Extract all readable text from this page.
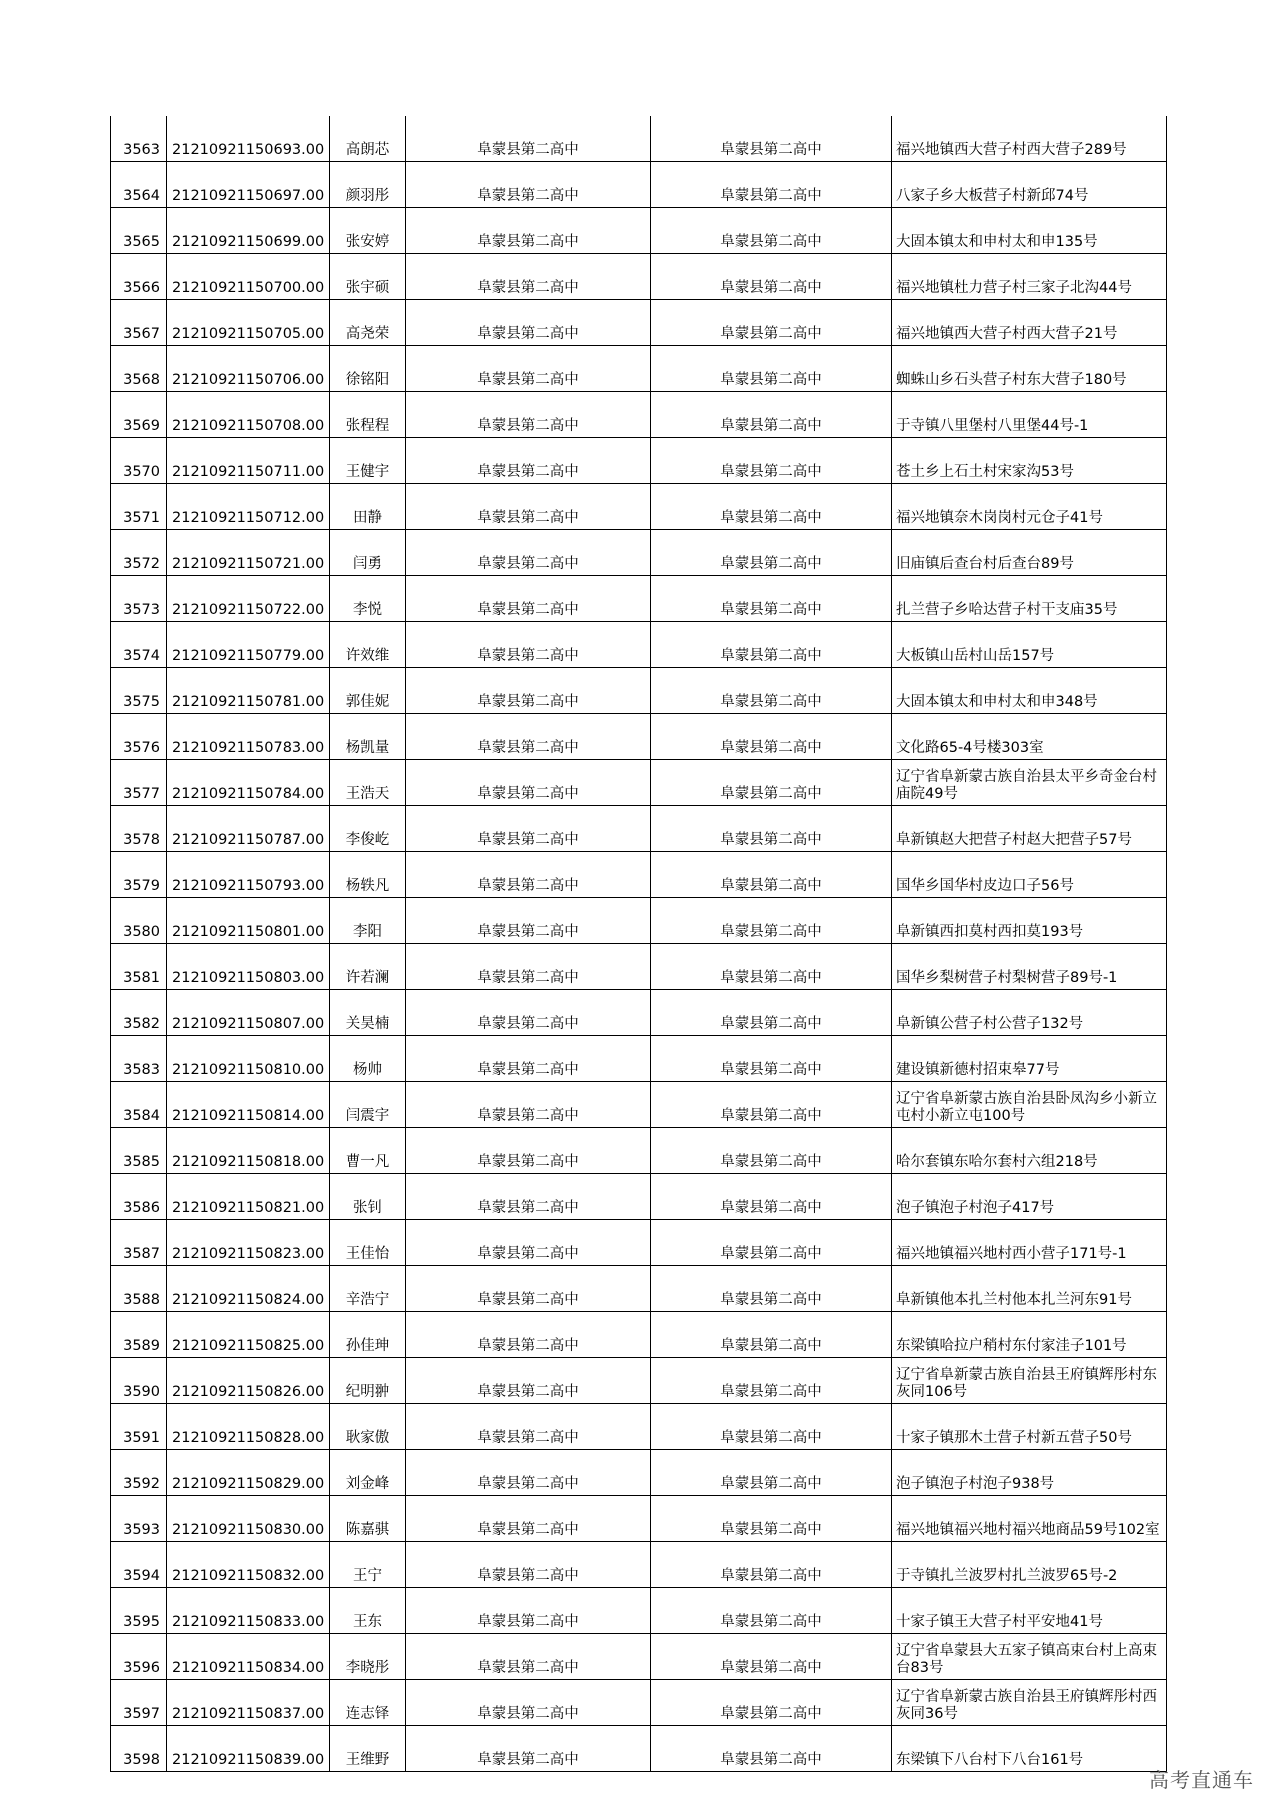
3563	21210921150693.00	高朗芯	阜蒙县第二高中	阜蒙县第二高中	福兴地镇西大营子村西大营子289号
3564	21210921150697.00	颜羽彤	阜蒙县第二高中	阜蒙县第二高中	八家子乡大板营子村新邱74号
3565	21210921150699.00	张安婷	阜蒙县第二高中	阜蒙县第二高中	大固本镇太和申村太和申135号
3566	21210921150700.00	张宇硕	阜蒙县第二高中	阜蒙县第二高中	福兴地镇杜力营子村三家子北沟44号
3567	21210921150705.00	高尧荣	阜蒙县第二高中	阜蒙县第二高中	福兴地镇西大营子村西大营子21号
3568	21210921150706.00	徐铭阳	阜蒙县第二高中	阜蒙县第二高中	蜘蛛山乡石头营子村东大营子180号
3569	21210921150708.00	张程程	阜蒙县第二高中	阜蒙县第二高中	于寺镇八里堡村八里堡44号-1
3570	21210921150711.00	王健宇	阜蒙县第二高中	阜蒙县第二高中	苍土乡上石土村宋家沟53号
3571	21210921150712.00	田静	阜蒙县第二高中	阜蒙县第二高中	福兴地镇奈木岗岗村元仓子41号
3572	21210921150721.00	闫勇	阜蒙县第二高中	阜蒙县第二高中	旧庙镇后查台村后查台89号
3573	21210921150722.00	李悦	阜蒙县第二高中	阜蒙县第二高中	扎兰营子乡哈达营子村干支庙35号
3574	21210921150779.00	许效维	阜蒙县第二高中	阜蒙县第二高中	大板镇山岳村山岳157号
3575	21210921150781.00	郭佳妮	阜蒙县第二高中	阜蒙县第二高中	大固本镇太和申村太和申348号
3576	21210921150783.00	杨凯量	阜蒙县第二高中	阜蒙县第二高中	文化路65-4号楼303室
3577	21210921150784.00	王浩天	阜蒙县第二高中	阜蒙县第二高中	辽宁省阜新蒙古族自治县太平乡奇金台村庙院49号
3578	21210921150787.00	李俊屹	阜蒙县第二高中	阜蒙县第二高中	阜新镇赵大把营子村赵大把营子57号
3579	21210921150793.00	杨轶凡	阜蒙县第二高中	阜蒙县第二高中	国华乡国华村皮边口子56号
3580	21210921150801.00	李阳	阜蒙县第二高中	阜蒙县第二高中	阜新镇西扣莫村西扣莫193号
3581	21210921150803.00	许若澜	阜蒙县第二高中	阜蒙县第二高中	国华乡梨树营子村梨树营子89号-1
3582	21210921150807.00	关昊楠	阜蒙县第二高中	阜蒙县第二高中	阜新镇公营子村公营子132号
3583	21210921150810.00	杨帅	阜蒙县第二高中	阜蒙县第二高中	建设镇新德村招束皋77号
3584	21210921150814.00	闫震宇	阜蒙县第二高中	阜蒙县第二高中	辽宁省阜新蒙古族自治县卧凤沟乡小新立屯村小新立屯100号
3585	21210921150818.00	曹一凡	阜蒙县第二高中	阜蒙县第二高中	哈尔套镇东哈尔套村六组218号
3586	21210921150821.00	张钊	阜蒙县第二高中	阜蒙县第二高中	泡子镇泡子村泡子417号
3587	21210921150823.00	王佳怡	阜蒙县第二高中	阜蒙县第二高中	福兴地镇福兴地村西小营子171号-1
3588	21210921150824.00	辛浩宁	阜蒙县第二高中	阜蒙县第二高中	阜新镇他本扎兰村他本扎兰河东91号
3589	21210921150825.00	孙佳珅	阜蒙县第二高中	阜蒙县第二高中	东梁镇哈拉户稍村东付家洼子101号
3590	21210921150826.00	纪明翀	阜蒙县第二高中	阜蒙县第二高中	辽宁省阜新蒙古族自治县王府镇辉彤村东灰同106号
3591	21210921150828.00	耿家傲	阜蒙县第二高中	阜蒙县第二高中	十家子镇那木土营子村新五营子50号
3592	21210921150829.00	刘金峰	阜蒙县第二高中	阜蒙县第二高中	泡子镇泡子村泡子938号
3593	21210921150830.00	陈嘉骐	阜蒙县第二高中	阜蒙县第二高中	福兴地镇福兴地村福兴地商品59号102室
3594	21210921150832.00	王宁	阜蒙县第二高中	阜蒙县第二高中	于寺镇扎兰波罗村扎兰波罗65号-2
3595	21210921150833.00	王东	阜蒙县第二高中	阜蒙县第二高中	十家子镇王大营子村平安地41号
3596	21210921150834.00	李晓彤	阜蒙县第二高中	阜蒙县第二高中	辽宁省阜蒙县大五家子镇高束台村上高束台83号
3597	21210921150837.00	连志铎	阜蒙县第二高中	阜蒙县第二高中	辽宁省阜新蒙古族自治县王府镇辉彤村西灰同36号
3598	21210921150839.00	王维野	阜蒙县第二高中	阜蒙县第二高中	东梁镇下八台村下八台161号
高考直通车
